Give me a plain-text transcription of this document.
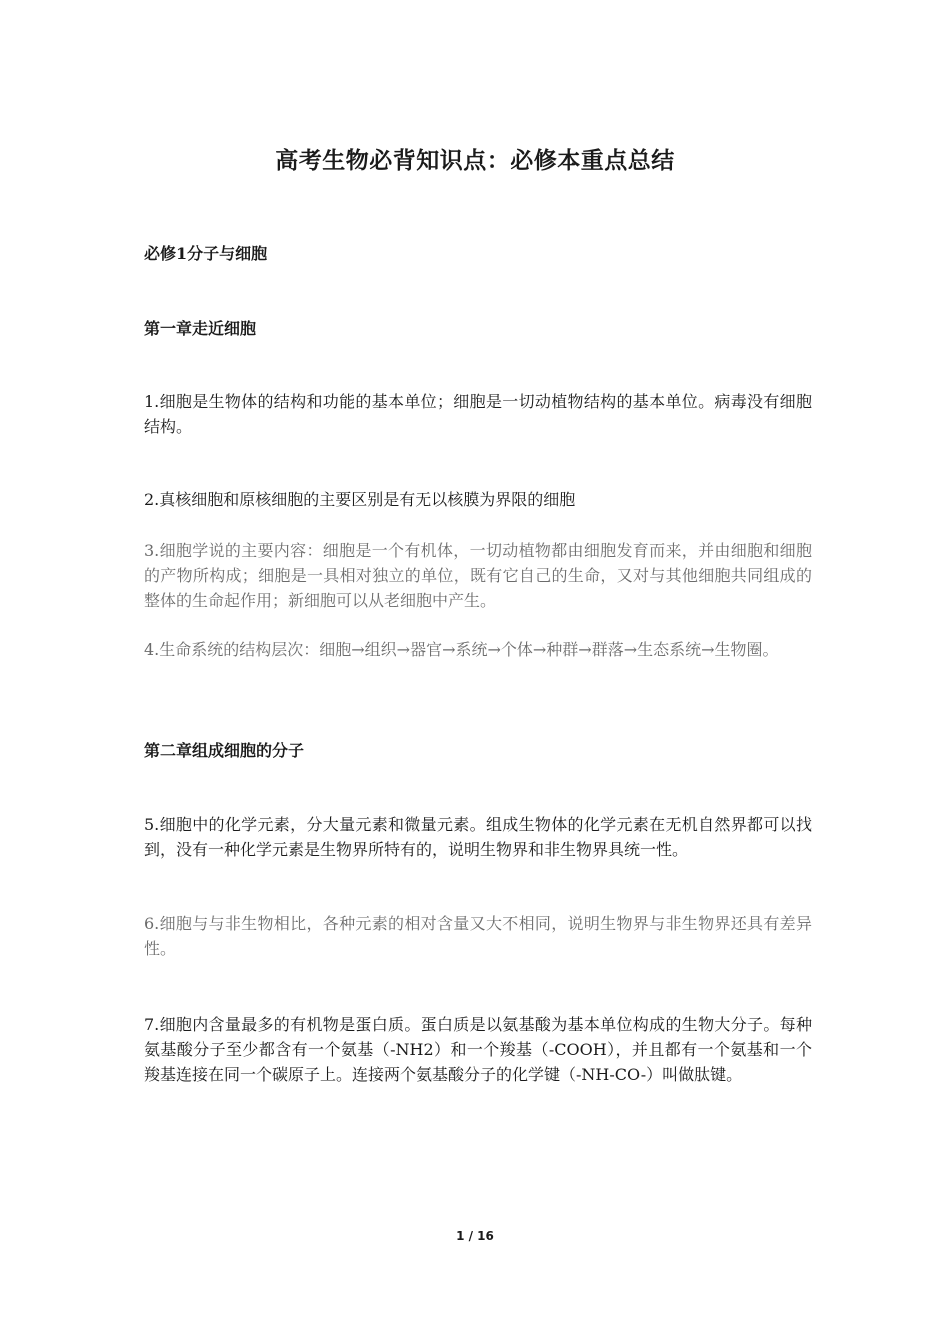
高考生物必背知识点：必修本重点总结
必修1分子与细胞
第一章走近细胞

1.细胞是生物体的结构和功能的基本单位；细胞是一切动植物结构的基本单位。病毒没有细胞结构。

2.真核细胞和原核细胞的主要区别是有无以核膜为界限的细胞

3.细胞学说的主要内容：细胞是一个有机体，一切动植物都由细胞发育而来，并由细胞和细胞的产物所构成；细胞是一具相对独立的单位，既有它自己的生命，又对与其他细胞共同组成的整体的生命起作用；新细胞可以从老细胞中产生。

4.生命系统的结构层次：细胞→组织→器官→系统→个体→种群→群落→生态系统→生物圈。

第二章组成细胞的分子

5.细胞中的化学元素，分大量元素和微量元素。组成生物体的化学元素在无机自然界都可以找到，没有一种化学元素是生物界所特有的，说明生物界和非生物界具统一性。

6.细胞与与非生物相比，各种元素的相对含量又大不相同，说明生物界与非生物界还具有差异性。

7.细胞内含量最多的有机物是蛋白质。蛋白质是以氨基酸为基本单位构成的生物大分子。每种氨基酸分子至少都含有一个氨基（-NH2）和一个羧基（-COOH），并且都有一个氨基和一个羧基连接在同一个碳原子上。连接两个氨基酸分子的化学键（-NH-CO-）叫做肽键。

1 / 16
